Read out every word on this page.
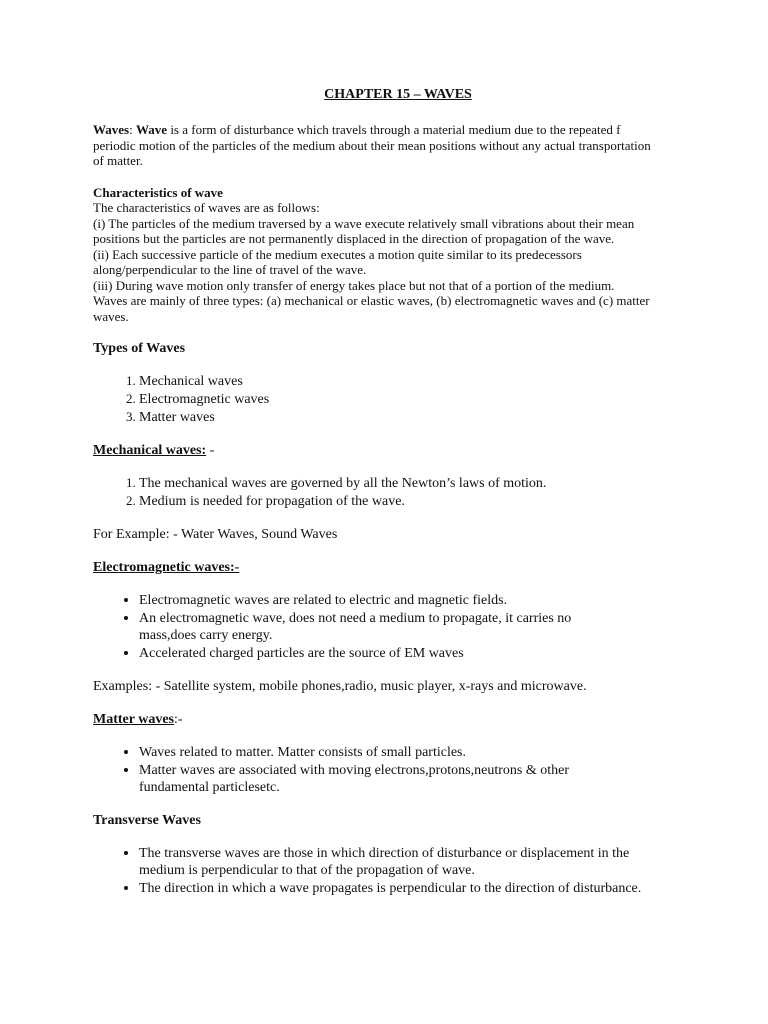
CHAPTER 15 – WAVES

Waves: Wave is a form of disturbance which travels through a material medium due to the repeated f periodic motion of the particles of the medium about their mean positions without any actual transportation of matter.

Characteristics of wave

The characteristics of waves are as follows:

(i) The particles of the medium traversed by a wave execute relatively small vibrations about their mean positions but the particles are not permanently displaced in the direction of propagation of the wave.

(ii) Each successive particle of the medium executes a motion quite similar to its predecessors along/perpendicular to the line of travel of the wave.

(iii) During wave motion only transfer of energy takes place but not that of a portion of the medium.

Waves are mainly of three types: (a) mechanical or elastic waves, (b) electromagnetic waves and (c) matter waves.

Types of Waves

1. Mechanical waves
2. Electromagnetic waves
3. Matter waves

Mechanical waves: -

1. The mechanical waves are governed by all the Newton’s laws of motion.
2. Medium is needed for propagation of the wave.

For Example: - Water Waves, Sound Waves

Electromagnetic waves:-

• Electromagnetic waves are related to electric and magnetic fields.
• An electromagnetic wave, does not need a medium to propagate, it carries no mass,does carry energy.
• Accelerated charged particles are the source of EM waves

Examples: - Satellite system, mobile phones,radio, music player, x-rays and microwave.

Matter waves:-

• Waves related to matter. Matter consists of small particles.
• Matter waves are associated with moving electrons,protons,neutrons & other fundamental particlesetc.

Transverse Waves

• The transverse waves are those in which direction of disturbance or displacement in the medium is perpendicular to that of the propagation of wave.
• The direction in which a wave propagates is perpendicular to the direction of disturbance.
